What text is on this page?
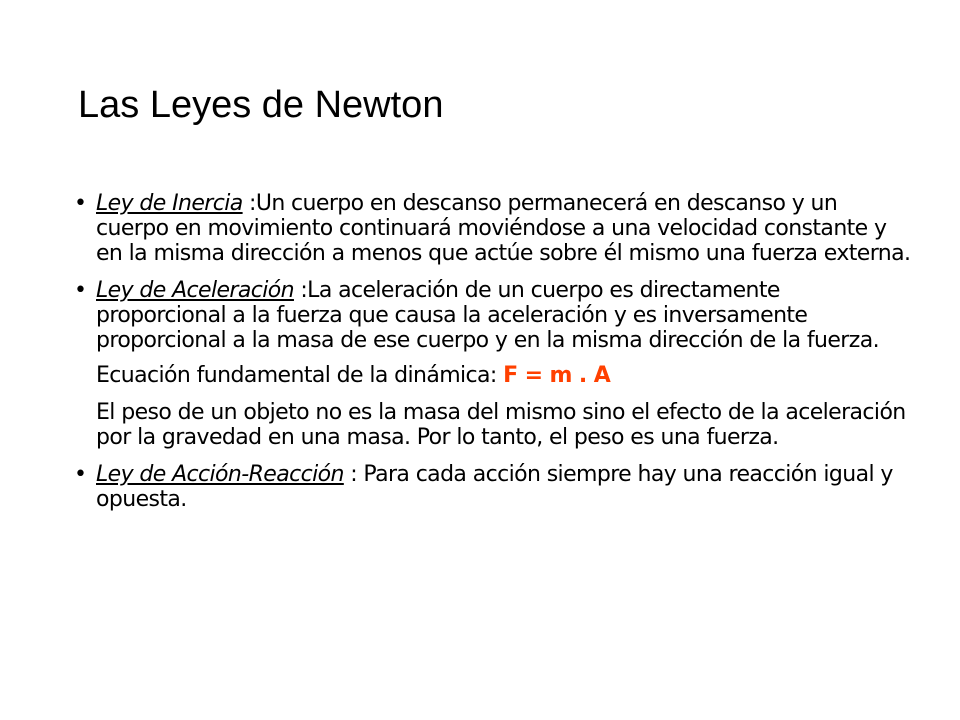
Las Leyes de Newton
• Ley de Inercia :Un cuerpo en descanso permanecerá en descanso y un cuerpo en movimiento continuará moviéndose a una velocidad constante y en la misma dirección a menos que actúe sobre él mismo una fuerza externa.
• Ley de Aceleración :La aceleración de un cuerpo es directamente proporcional a la fuerza que causa la aceleración y es inversamente proporcional a la masa de ese cuerpo y en la misma dirección de la fuerza.
Ecuación fundamental de la dinámica: F = m . A
El peso de un objeto no es la masa del mismo sino el efecto de la aceleración por la gravedad en una masa. Por lo tanto, el peso es una fuerza.
• Ley de Acción-Reacción : Para cada acción siempre hay una reacción igual y opuesta.
